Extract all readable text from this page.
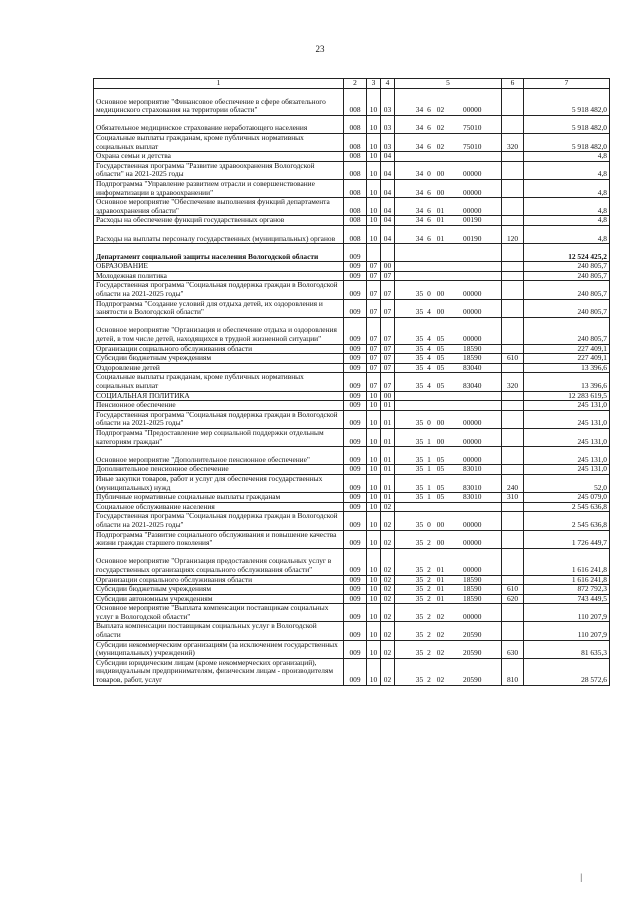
23
1	2	3	4	5	6	7
Основное мероприятие "Финансовое обеспечение в сфере обязательного медицинского страхования на территории области"	008	10	03	34 6 02 00000		5 918 482,0
Обязательное медицинское страхование неработающего населения	008	10	03	34 6 02 75010		5 918 482,0
Социальные выплаты гражданам, кроме публичных нормативных социальных выплат	008	10	03	34 6 02 75010	320	5 918 482,0
Охрана семьи и детства	008	10	04			4,8
Государственная программа "Развитие здравоохранения Вологодской области" на 2021-2025 годы	008	10	04	34 0 00 00000		4,8
Подпрограмма "Управление развитием отрасли и совершенствование информатизации в здравоохранении"	008	10	04	34 6 00 00000		4,8
Основное мероприятие "Обеспечение выполнения функций департамента здравоохранения области"	008	10	04	34 6 01 00000		4,8
Расходы на обеспечение функций государственных органов	008	10	04	34 6 01 00190		4,8
Расходы на выплаты персоналу государственных (муниципальных) органов	008	10	04	34 6 01 00190	120	4,8
Департамент социальной защиты населения Вологодской области	009					12 524 425,2
ОБРАЗОВАНИЕ	009	07	00			240 805,7
Молодежная политика	009	07	07			240 805,7
Государственная программа "Социальная поддержка граждан в Вологодской области на 2021-2025 годы"	009	07	07	35 0 00 00000		240 805,7
Подпрограмма "Создание условий для отдыха детей, их оздоровления и занятости в Вологодской области"	009	07	07	35 4 00 00000		240 805,7
Основное мероприятие "Организация и обеспечение отдыха и оздоровления детей, в том числе детей, находящихся в трудной жизненной ситуации"	009	07	07	35 4 05 00000		240 805,7
Организации социального обслуживания области	009	07	07	35 4 05 18590		227 409,1
Субсидии бюджетным учреждениям	009	07	07	35 4 05 18590	610	227 409,1
Оздоровление детей	009	07	07	35 4 05 83040		13 396,6
Социальные выплаты гражданам, кроме публичных нормативных социальных выплат	009	07	07	35 4 05 83040	320	13 396,6
СОЦИАЛЬНАЯ ПОЛИТИКА	009	10	00			12 283 619,5
Пенсионное обеспечение	009	10	01			245 131,0
Государственная программа "Социальная поддержка граждан в Вологодской области на 2021-2025 годы"	009	10	01	35 0 00 00000		245 131,0
Подпрограмма "Предоставление мер социальной поддержки отдельным категориям граждан"	009	10	01	35 1 00 00000		245 131,0
Основное мероприятие "Дополнительное пенсионное обеспечение"	009	10	01	35 1 05 00000		245 131,0
Дополнительное пенсионное обеспечение	009	10	01	35 1 05 83010		245 131,0
Иные закупки товаров, работ и услуг для обеспечения государственных (муниципальных) нужд	009	10	01	35 1 05 83010	240	52,0
Публичные нормативные социальные выплаты гражданам	009	10	01	35 1 05 83010	310	245 079,0
Социальное обслуживание населения	009	10	02			2 545 636,8
Государственная программа "Социальная поддержка граждан в Вологодской области на 2021-2025 годы"	009	10	02	35 0 00 00000		2 545 636,8
Подпрограмма "Развитие социального обслуживания и повышение качества жизни граждан старшего поколения"	009	10	02	35 2 00 00000		1 726 449,7
Основное мероприятие "Организация предоставления социальных услуг в государственных организациях социального обслуживания области"	009	10	02	35 2 01 00000		1 616 241,8
Организации социального обслуживания области	009	10	02	35 2 01 18590		1 616 241,8
Субсидии бюджетным учреждениям	009	10	02	35 2 01 18590	610	872 792,3
Субсидии автономным учреждениям	009	10	02	35 2 01 18590	620	743 449,5
Основное мероприятие "Выплата компенсации поставщикам социальных услуг в Вологодской области"	009	10	02	35 2 02 00000		110 207,9
Выплата компенсации поставщикам социальных услуг в Вологодской области	009	10	02	35 2 02 20590		110 207,9
Субсидии некоммерческим организациям (за исключением государственных (муниципальных) учреждений)	009	10	02	35 2 02 20590	630	81 635,3
Субсидии юридическим лицам (кроме некоммерческих организаций), индивидуальным предпринимателям, физическим лицам - производителям товаров, работ, услуг	009	10	02	35 2 02 20590	810	28 572,6
|
